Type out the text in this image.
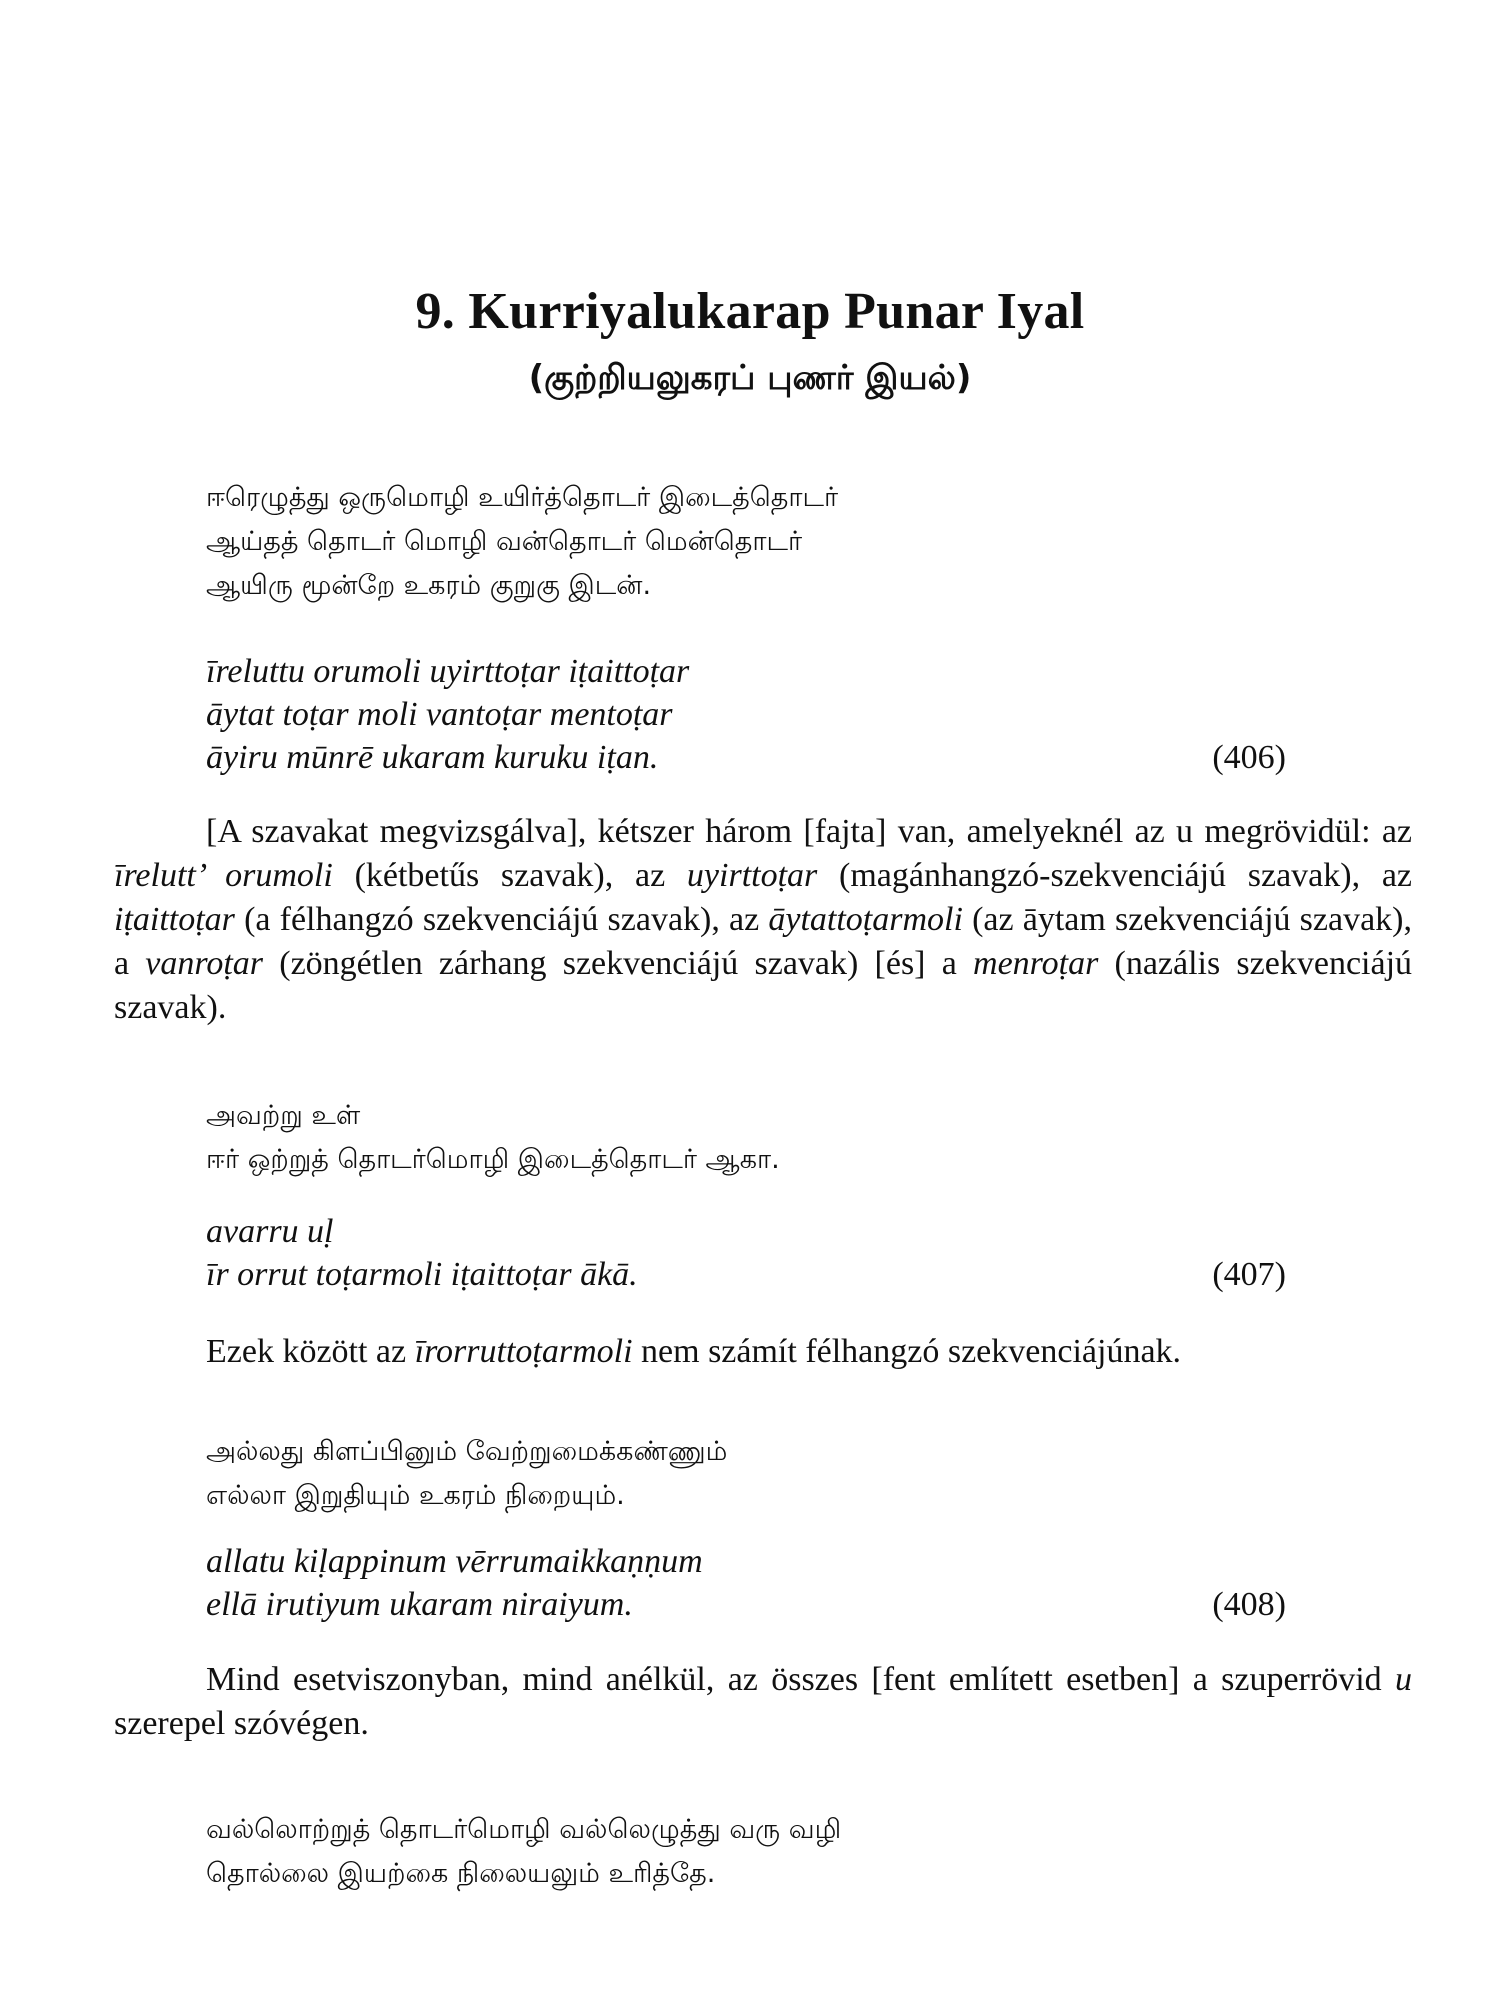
9. Kurriyalukarap Punar Iyal
(குற்றியலுகரப் புணர் இயல்)
ஈரெழுத்து ஒருமொழி உயிர்த்தொடர் இடைத்தொடர்
ஆய்தத் தொடர் மொழி வன்தொடர் மென்தொடர்
ஆயிரு மூன்றே உகரம் குறுகு இடன்.
īreluttu orumoli uyirttoṭar iṭaittoṭar
āytat toṭar moli vantoṭar mentoṭar
āyiru mūnrē ukaram kuruku iṭan.	(406)

[A szavakat megvizsgálva], kétszer három [fajta] van, amelyeknél az u megrövidül: az īrelutt’ orumoli (kétbetűs szavak), az uyirttoṭar (magánhangzó-szekvenciájú szavak), az iṭaittoṭar (a félhangzó szekvenciájú szavak), az āytattoṭarmoli (az āytam szekvenciájú szavak), a vanroṭar (zöngétlen zárhang szekvenciájú szavak) [és] a menroṭar (nazális szekvenciájú szavak).

அவற்று உள்
ஈர் ஒற்றுத் தொடர்மொழி இடைத்தொடர் ஆகா.
avarru uḷ
īr orrut toṭarmoli iṭaittoṭar ākā.	(407)

Ezek között az īrorruttoṭarmoli nem számít félhangzó szekvenciájúnak.

அல்லது கிளப்பினும் வேற்றுமைக்கண்ணும்
எல்லா இறுதியும் உகரம் நிறையும்.
allatu kiḷappinum vērrumaikkaṇṇum
ellā irutiyum ukaram niraiyum.	(408)

Mind esetviszonyban, mind anélkül, az összes [fent említett esetben] a szuperrövid u szerepel szóvégen.

வல்லொற்றுத் தொடர்மொழி வல்லெழுத்து வரு வழி
தொல்லை இயற்கை நிலையலும் உரித்தே.
